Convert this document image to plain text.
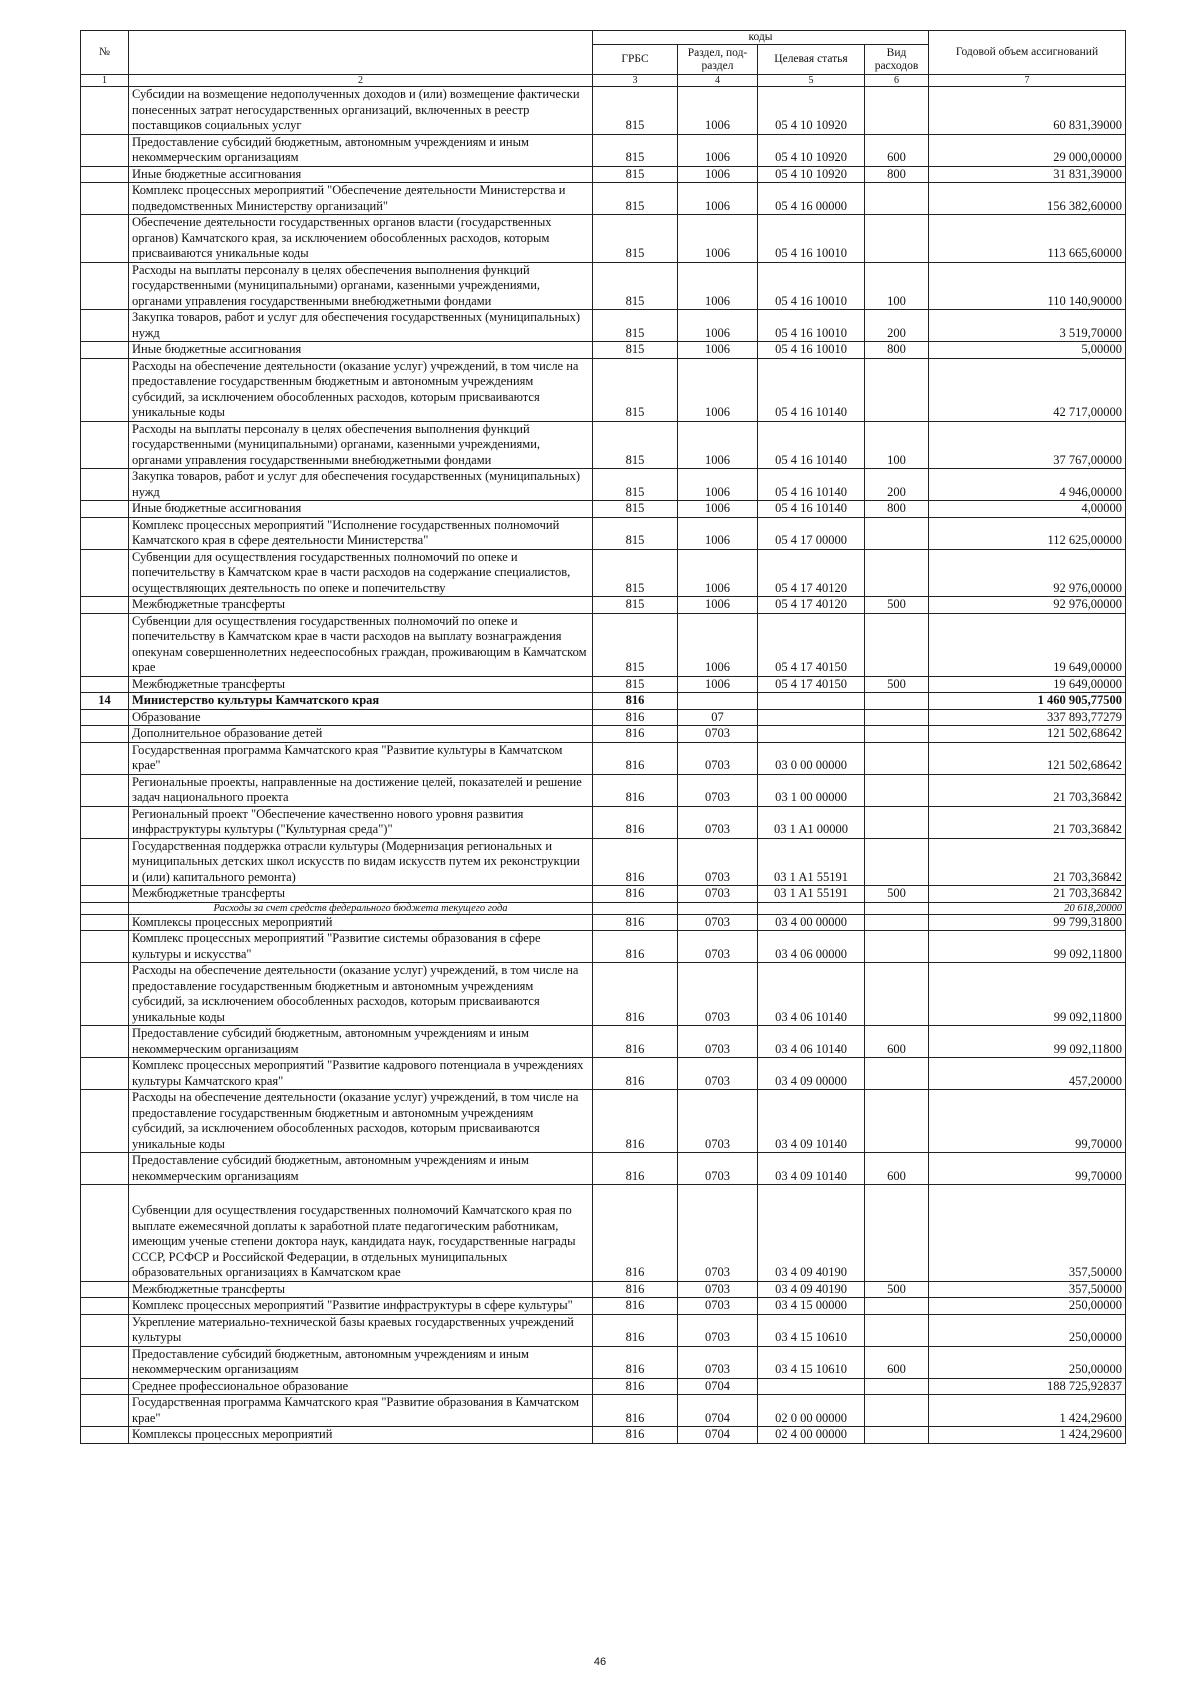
№		коды				Годовой объем ассигнований
		ГРБС	Раздел, под-раздел	Целевая статья	Вид расходов	
1	2	3	4	5	6	7
	Субсидии на возмещение недополученных доходов и (или) возмещение фактически понесенных затрат негосударственных организаций, включенных в реестр поставщиков социальных услуг	815	1006	05 4 10 10920		60 831,39000
	Предоставление субсидий бюджетным, автономным учреждениям и иным некоммерческим организациям	815	1006	05 4 10 10920	600	29 000,00000
	Иные бюджетные ассигнования	815	1006	05 4 10 10920	800	31 831,39000
	Комплекс процессных мероприятий "Обеспечение деятельности Министерства и подведомственных Министерству организаций"	815	1006	05 4 16 00000		156 382,60000
	Обеспечение деятельности государственных органов власти (государственных органов) Камчатского края, за исключением обособленных расходов, которым присваиваются уникальные коды	815	1006	05 4 16 10010		113 665,60000
	Расходы на выплаты персоналу в целях обеспечения выполнения функций государственными (муниципальными) органами, казенными учреждениями, органами управления государственными внебюджетными фондами	815	1006	05 4 16 10010	100	110 140,90000
	Закупка товаров, работ и услуг для обеспечения государственных (муниципальных) нужд	815	1006	05 4 16 10010	200	3 519,70000
	Иные бюджетные ассигнования	815	1006	05 4 16 10010	800	5,00000
	Расходы на обеспечение деятельности (оказание услуг) учреждений, в том числе на предоставление государственным бюджетным и автономным учреждениям субсидий, за исключением обособленных расходов, которым присваиваются уникальные коды	815	1006	05 4 16 10140		42 717,00000
	Расходы на выплаты персоналу в целях обеспечения выполнения функций государственными (муниципальными) органами, казенными учреждениями, органами управления государственными внебюджетными фондами	815	1006	05 4 16 10140	100	37 767,00000
	Закупка товаров, работ и услуг для обеспечения государственных (муниципальных) нужд	815	1006	05 4 16 10140	200	4 946,00000
	Иные бюджетные ассигнования	815	1006	05 4 16 10140	800	4,00000
	Комплекс процессных мероприятий "Исполнение государственных полномочий Камчатского края в сфере деятельности Министерства"	815	1006	05 4 17 00000		112 625,00000
	Субвенции для осуществления государственных полномочий по опеке и попечительству в Камчатском крае в части расходов на содержание специалистов, осуществляющих деятельность по опеке и попечительству	815	1006	05 4 17 40120		92 976,00000
	Межбюджетные трансферты	815	1006	05 4 17 40120	500	92 976,00000
	Субвенции для осуществления государственных полномочий по опеке и попечительству в Камчатском крае в части расходов на выплату вознаграждения опекунам совершеннолетних недееспособных граждан, проживающим в Камчатском крае	815	1006	05 4 17 40150		19 649,00000
	Межбюджетные трансферты	815	1006	05 4 17 40150	500	19 649,00000
14	Министерство культуры Камчатского края	816				1 460 905,77500
	Образование	816	07			337 893,77279
	Дополнительное образование детей	816	0703			121 502,68642
	Государственная программа Камчатского края "Развитие культуры в Камчатском крае"	816	0703	03 0 00 00000		121 502,68642
	Региональные проекты, направленные на достижение целей, показателей и решение задач национального проекта	816	0703	03 1 00 00000		21 703,36842
	Региональный проект "Обеспечение качественно нового уровня развития инфраструктуры культуры ("Культурная среда")"	816	0703	03 1 A1 00000		21 703,36842
	Государственная поддержка отрасли культуры (Модернизация региональных и муниципальных детских школ искусств по видам искусств путем их реконструкции и (или) капитального ремонта)	816	0703	03 1 A1 55191		21 703,36842
	Межбюджетные трансферты	816	0703	03 1 A1 55191	500	21 703,36842
	Расходы за счет средств федерального бюджета текущего года					20 618,20000
	Комплексы процессных мероприятий	816	0703	03 4 00 00000		99 799,31800
	Комплекс процессных мероприятий "Развитие системы образования в сфере культуры и искусства"	816	0703	03 4 06 00000		99 092,11800
	Расходы на обеспечение деятельности (оказание услуг) учреждений, в том числе на предоставление государственным бюджетным и автономным учреждениям субсидий, за исключением обособленных расходов, которым присваиваются уникальные коды	816	0703	03 4 06 10140		99 092,11800
	Предоставление субсидий бюджетным, автономным учреждениям и иным некоммерческим организациям	816	0703	03 4 06 10140	600	99 092,11800
	Комплекс процессных мероприятий "Развитие кадрового потенциала в учреждениях культуры Камчатского края"	816	0703	03 4 09 00000		457,20000
	Расходы на обеспечение деятельности (оказание услуг) учреждений, в том числе на предоставление государственным бюджетным и автономным учреждениям субсидий, за исключением обособленных расходов, которым присваиваются уникальные коды	816	0703	03 4 09 10140		99,70000
	Предоставление субсидий бюджетным, автономным учреждениям и иным некоммерческим организациям	816	0703	03 4 09 10140	600	99,70000
	Субвенции для осуществления государственных полномочий Камчатского края по выплате ежемесячной доплаты к заработной плате педагогическим работникам, имеющим ученые степени доктора наук, кандидата наук, государственные награды СССР, РСФСР и Российской Федерации, в отдельных муниципальных образовательных организациях в Камчатском крае	816	0703	03 4 09 40190		357,50000
	Межбюджетные трансферты	816	0703	03 4 09 40190	500	357,50000
	Комплекс процессных мероприятий "Развитие инфраструктуры в сфере культуры"	816	0703	03 4 15 00000		250,00000
	Укрепление материально-технической базы краевых государственных учреждений культуры	816	0703	03 4 15 10610		250,00000
	Предоставление субсидий бюджетным, автономным учреждениям и иным некоммерческим организациям	816	0703	03 4 15 10610	600	250,00000
	Среднее профессиональное образование	816	0704			188 725,92837
	Государственная программа Камчатского края "Развитие образования в Камчатском крае"	816	0704	02 0 00 00000		1 424,29600
	Комплексы процессных мероприятий	816	0704	02 4 00 00000		1 424,29600
46
